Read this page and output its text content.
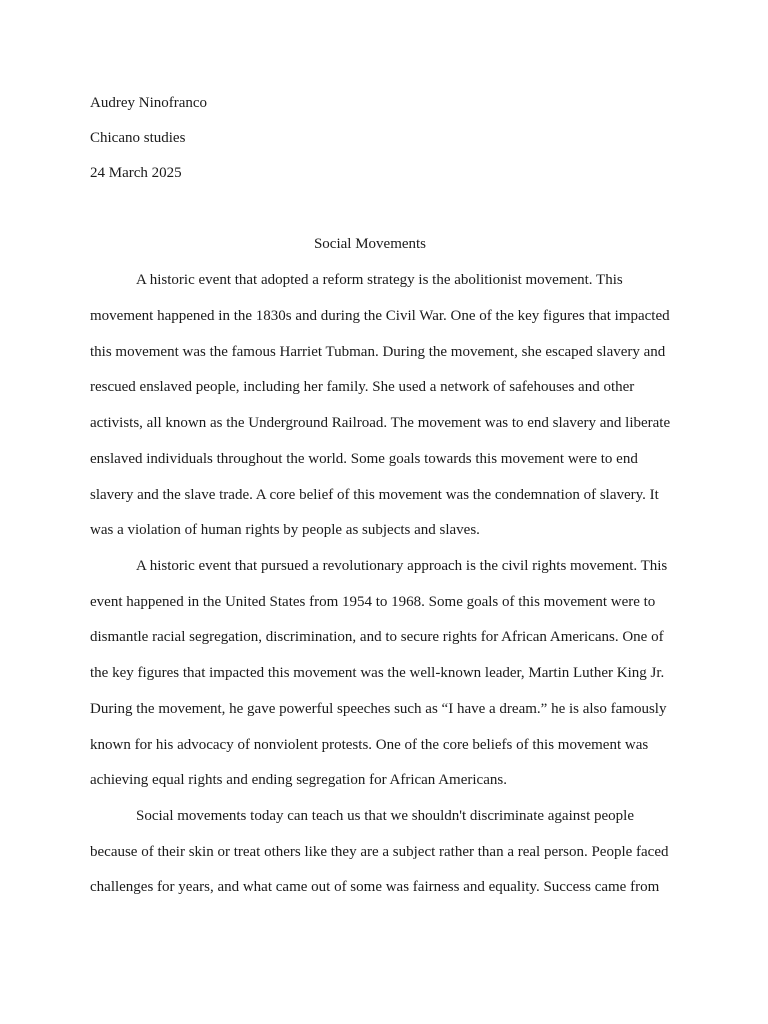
Audrey Ninofranco
Chicano studies
24 March 2025
Social Movements
A historic event that adopted a reform strategy is the abolitionist movement. This
movement happened in the 1830s and during the Civil War. One of the key figures that impacted
this movement was the famous Harriet Tubman. During the movement, she escaped slavery and
rescued enslaved people, including her family. She used a network of safehouses and other
activists, all known as the Underground Railroad. The movement was to end slavery and liberate
enslaved individuals throughout the world. Some goals towards this movement were to end
slavery and the slave trade. A core belief of this movement was the condemnation of slavery. It
was a violation of human rights by people as subjects and slaves.
A historic event that pursued a revolutionary approach is the civil rights movement. This
event happened in the United States from 1954 to 1968. Some goals of this movement were to
dismantle racial segregation, discrimination, and to secure rights for African Americans. One of
the key figures that impacted this movement was the well-known leader, Martin Luther King Jr.
During the movement, he gave powerful speeches such as “I have a dream.” he is also famously
known for his advocacy of nonviolent protests. One of the core beliefs of this movement was
achieving equal rights and ending segregation for African Americans.
Social movements today can teach us that we shouldn't discriminate against people
because of their skin or treat others like they are a subject rather than a real person. People faced
challenges for years, and what came out of some was fairness and equality. Success came from
